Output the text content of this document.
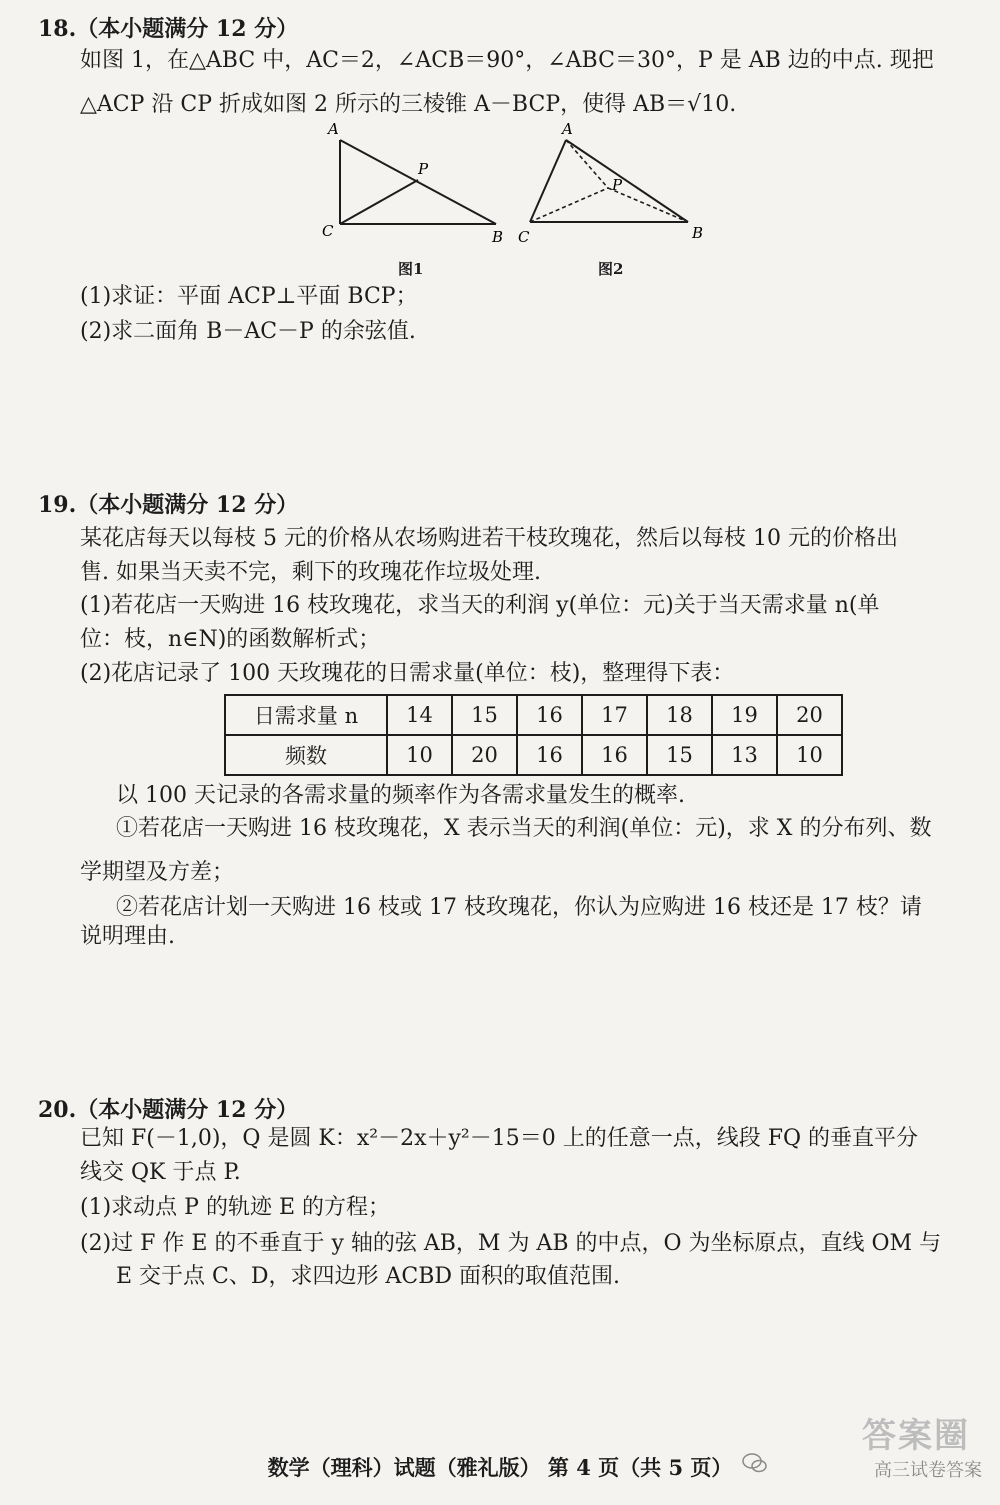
18.（本小题满分 12 分）
如图 1，在△ABC 中，AC＝2，∠ACB＝90°，∠ABC＝30°，P 是 AB 边的中点. 现把
△ACP 沿 CP 折成如图 2 所示的三棱锥 A－BCP，使得 AB＝√10.
A
P
C	B
图1
A
P
C	B
图2
(1)求证：平面 ACP⊥平面 BCP；
(2)求二面角 B－AC－P 的余弦值.
19.（本小题满分 12 分）
某花店每天以每枝 5 元的价格从农场购进若干枝玫瑰花，然后以每枝 10 元的价格出
售. 如果当天卖不完，剩下的玫瑰花作垃圾处理.
(1)若花店一天购进 16 枝玫瑰花，求当天的利润 y(单位：元)关于当天需求量 n(单
位：枝，n∈N)的函数解析式；
(2)花店记录了 100 天玫瑰花的日需求量(单位：枝)，整理得下表：
日需求量 n	14	15	16	17	18	19	20
频数	10	20	16	16	15	13	10
以 100 天记录的各需求量的频率作为各需求量发生的概率.
①若花店一天购进 16 枝玫瑰花，X 表示当天的利润(单位：元)，求 X 的分布列、数
学期望及方差；
②若花店计划一天购进 16 枝或 17 枝玫瑰花，你认为应购进 16 枝还是 17 枝？请
说明理由.
20.（本小题满分 12 分）
已知 F(－1,0)，Q 是圆 K：x²－2x＋y²－15＝0 上的任意一点，线段 FQ 的垂直平分
线交 QK 于点 P.
(1)求动点 P 的轨迹 E 的方程；
(2)过 F 作 E 的不垂直于 y 轴的弦 AB，M 为 AB 的中点，O 为坐标原点，直线 OM 与
E 交于点 C、D，求四边形 ACBD 面积的取值范围.
数学（理科）试题（雅礼版） 第 4 页（共 5 页）
答案圈
高三试卷答案
